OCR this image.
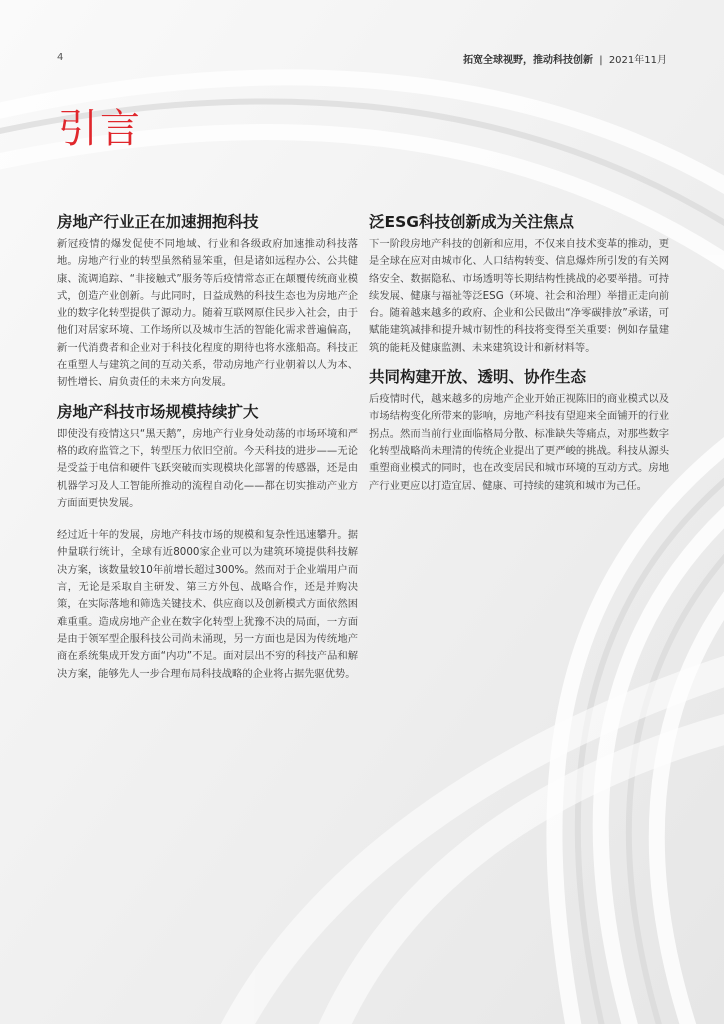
4	拓宽全球视野，推动科技创新 | 2021年11月
引言
房地产行业正在加速拥抱科技

新冠疫情的爆发促使不同地域、行业和各级政府加速推动科技落地。房地产行业的转型虽然稍显笨重，但是诸如远程办公、公共健康、流调追踪、“非接触式”服务等后疫情常态正在颠覆传统商业模式，创造产业创新。与此同时，日益成熟的科技生态也为房地产企业的数字化转型提供了源动力。随着互联网原住民步入社会，由于他们对居家环境、工作场所以及城市生活的智能化需求普遍偏高，新一代消费者和企业对于科技化程度的期待也将水涨船高。科技正在重塑人与建筑之间的互动关系，带动房地产行业朝着以人为本、韧性增长、肩负责任的未来方向发展。

房地产科技市场规模持续扩大

即使没有疫情这只“黑天鹅”，房地产行业身处动荡的市场环境和严格的政府监管之下，转型压力依旧空前。今天科技的进步——无论是受益于电信和硬件飞跃突破而实现模块化部署的传感器，还是由机器学习及人工智能所推动的流程自动化——都在切实推动产业方方面面更快发展。

经过近十年的发展，房地产科技市场的规模和复杂性迅速攀升。据仲量联行统计，全球有近8000家企业可以为建筑环境提供科技解决方案，该数量较10年前增长超过300%。然而对于企业端用户而言，无论是采取自主研发、第三方外包、战略合作，还是并购决策，在实际落地和筛选关键技术、供应商以及创新模式方面依然困难重重。造成房地产企业在数字化转型上犹豫不决的局面，一方面是由于领军型企服科技公司尚未涌现，另一方面也是因为传统地产商在系统集成开发方面“内功”不足。面对层出不穷的科技产品和解决方案，能够先人一步合理布局科技战略的企业将占据先驱优势。

泛ESG科技创新成为关注焦点

下一阶段房地产科技的创新和应用，不仅来自技术变革的推动，更是全球在应对由城市化、人口结构转变、信息爆炸所引发的有关网络安全、数据隐私、市场透明等长期结构性挑战的必要举措。可持续发展、健康与福祉等泛ESG（环境、社会和治理）举措正走向前台。随着越来越多的政府、企业和公民做出“净零碳排放”承诺，可赋能建筑减排和提升城市韧性的科技将变得至关重要：例如存量建筑的能耗及健康监测、未来建筑设计和新材料等。

共同构建开放、透明、协作生态

后疫情时代，越来越多的房地产企业开始正视陈旧的商业模式以及市场结构变化所带来的影响，房地产科技有望迎来全面铺开的行业拐点。然而当前行业面临格局分散、标准缺失等痛点，对那些数字化转型战略尚未理清的传统企业提出了更严峻的挑战。科技从源头重塑商业模式的同时，也在改变居民和城市环境的互动方式。房地产行业更应以打造宜居、健康、可持续的建筑和城市为己任。
